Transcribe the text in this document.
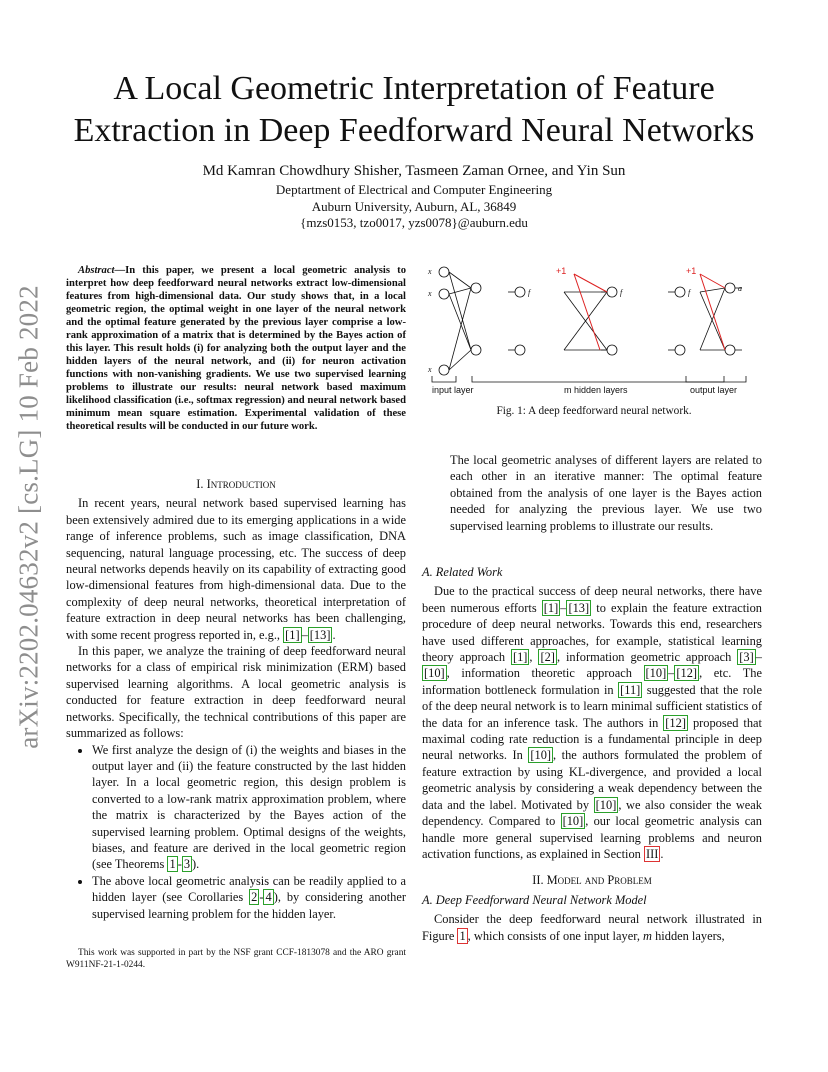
A Local Geometric Interpretation of Feature
Extraction in Deep Feedforward Neural Networks
Md Kamran Chowdhury Shisher, Tasmeen Zaman Ornee, and Yin Sun
Deptartment of Electrical and Computer Engineering
Auburn University, Auburn, AL, 36849
{mzs0153, tzo0017, yzs0078}@auburn.edu
arXiv:2202.04632v2 [cs.LG] 10 Feb 2022
Abstract—In this paper, we present a local geometric analysis to interpret how deep feedforward neural networks extract low-dimensional features from high-dimensional data. Our study shows that, in a local geometric region, the optimal weight in one layer of the neural network and the optimal feature generated by the previous layer comprise a low-rank approximation of a matrix that is determined by the Bayes action of this layer. This result holds (i) for analyzing both the output layer and the hidden layers of the neural network, and (ii) for neuron activation functions with non-vanishing gradients. We use two supervised learning problems to illustrate our results: neural network based maximum likelihood classification (i.e., softmax regression) and neural network based minimum mean square estimation. Experimental validation of these theoretical results will be conducted in our future work.
I. Introduction

In recent years, neural network based supervised learning has been extensively admired due to its emerging applications in a wide range of inference problems, such as image classification, DNA sequencing, natural language processing, etc. The success of deep neural networks depends heavily on its capability of extracting good low-dimensional features from high-dimensional data. Due to the complexity of deep neural networks, theoretical interpretation of feature extraction in deep neural networks has been challenging, with some recent progress reported in, e.g., [1] – [13] .

In this paper, we analyze the training of deep feedforward neural networks for a class of empirical risk minimization (ERM) based supervised learning algorithms. A local geometric analysis is conducted for feature extraction in deep feedforward neural networks. Specifically, the technical contributions of this paper are summarized as follows:

• We first analyze the design of (i) the weights and biases in the output layer and (ii) the feature constructed by the last hidden layer. In a local geometric region, this design problem is converted to a low-rank matrix approximation problem, where the matrix is characterized by the Bayes action of the supervised learning problem. Optimal designs of the weights, biases, and feature are derived in the local geometric region (see Theorems 1 - 3 ).
• The above local geometric analysis can be readily applied to a hidden layer (see Corollaries 2 - 4 ), by considering another supervised learning problem for the hidden layer.
This work was supported in part by the NSF grant CCF-1813078 and the ARO grant W911NF-21-1-0244.
+1	+1
x
x
x
f	f	f	a
input layer	m hidden layers	output layer
Fig. 1: A deep feedforward neural network.

The local geometric analyses of different layers are related to each other in an iterative manner: The optimal feature obtained from the analysis of one layer is the Bayes action needed for analyzing the previous layer. We use two supervised learning problems to illustrate our results.

A. Related Work

Due to the practical success of deep neural networks, there have been numerous efforts [1] – [13] to explain the feature extraction procedure of deep neural networks. Towards this end, researchers have used different approaches, for example, statistical learning theory approach [1] , [2] , information geometric approach [3] –[10] , information theoretic approach [10] – [12] , etc. The information bottleneck formulation in [11] suggested that the role of the deep neural network is to learn minimal sufficient statistics of the data for an inference task. The authors in [12] proposed that maximal coding rate reduction is a fundamental principle in deep neural networks. In [10] , the authors formulated the problem of feature extraction by using KL-divergence, and provided a local geometric analysis by considering a weak dependency between the data and the label. Motivated by [10] , we also consider the weak dependency. Compared to [10] , our local geometric analysis can handle more general supervised learning problems and neuron activation functions, as explained in Section III .

II. Model and Problem
A. Deep Feedforward Neural Network Model

Consider the deep feedforward neural network illustrated in Figure 1 , which consists of one input layer, m hidden layers,
